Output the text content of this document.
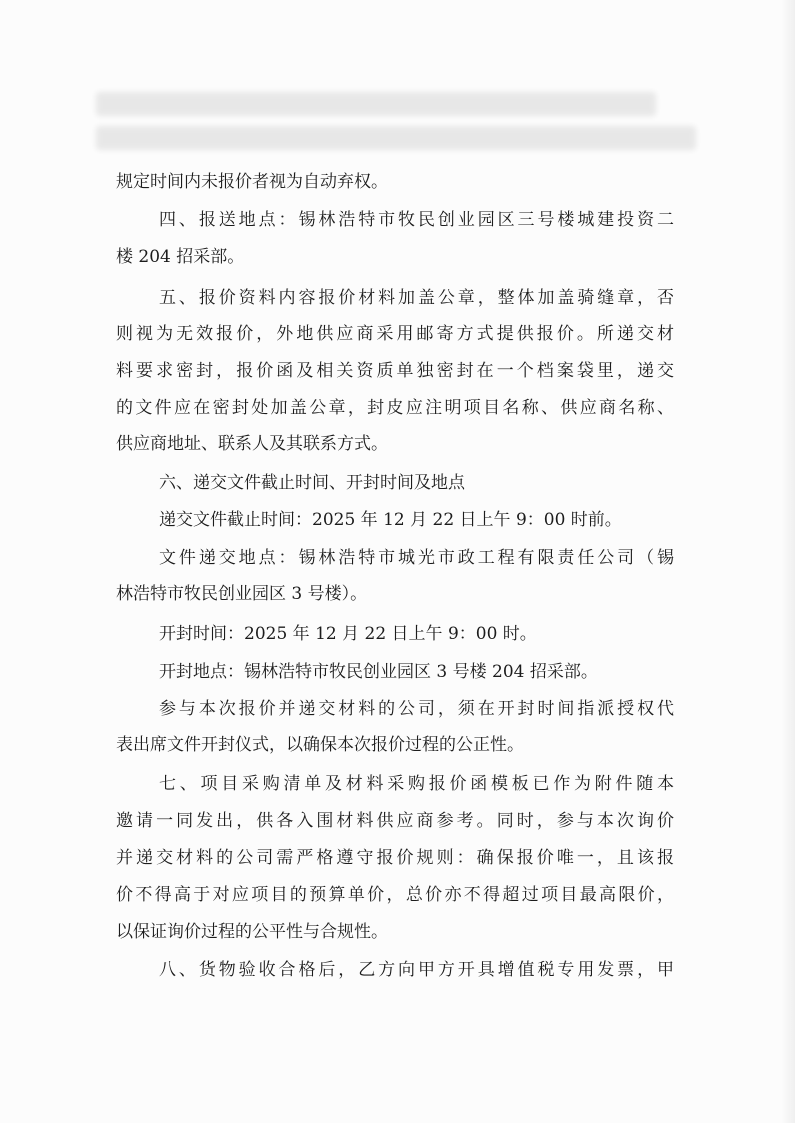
规定时间内未报价者视为自动弃权。
四、报送地点：锡林浩特市牧民创业园区三号楼城建投资二
楼 204 招采部。
五、报价资料内容报价材料加盖公章，整体加盖骑缝章，否
则视为无效报价，外地供应商采用邮寄方式提供报价。所递交材
料要求密封，报价函及相关资质单独密封在一个档案袋里，递交
的文件应在密封处加盖公章，封皮应注明项目名称、供应商名称、
供应商地址、联系人及其联系方式。
六、递交文件截止时间、开封时间及地点
递交文件截止时间：2025 年 12 月 22 日上午 9：00 时前。
文件递交地点：锡林浩特市城光市政工程有限责任公司（锡
林浩特市牧民创业园区 3 号楼）。
开封时间：2025 年 12 月 22 日上午 9：00 时。
开封地点：锡林浩特市牧民创业园区 3 号楼 204 招采部。
参与本次报价并递交材料的公司，须在开封时间指派授权代
表出席文件开封仪式，以确保本次报价过程的公正性。
七、项目采购清单及材料采购报价函模板已作为附件随本
邀请一同发出，供各入围材料供应商参考。同时，参与本次询价
并递交材料的公司需严格遵守报价规则：确保报价唯一，且该报
价不得高于对应项目的预算单价，总价亦不得超过项目最高限价，
以保证询价过程的公平性与合规性。
八、货物验收合格后，乙方向甲方开具增值税专用发票，甲
